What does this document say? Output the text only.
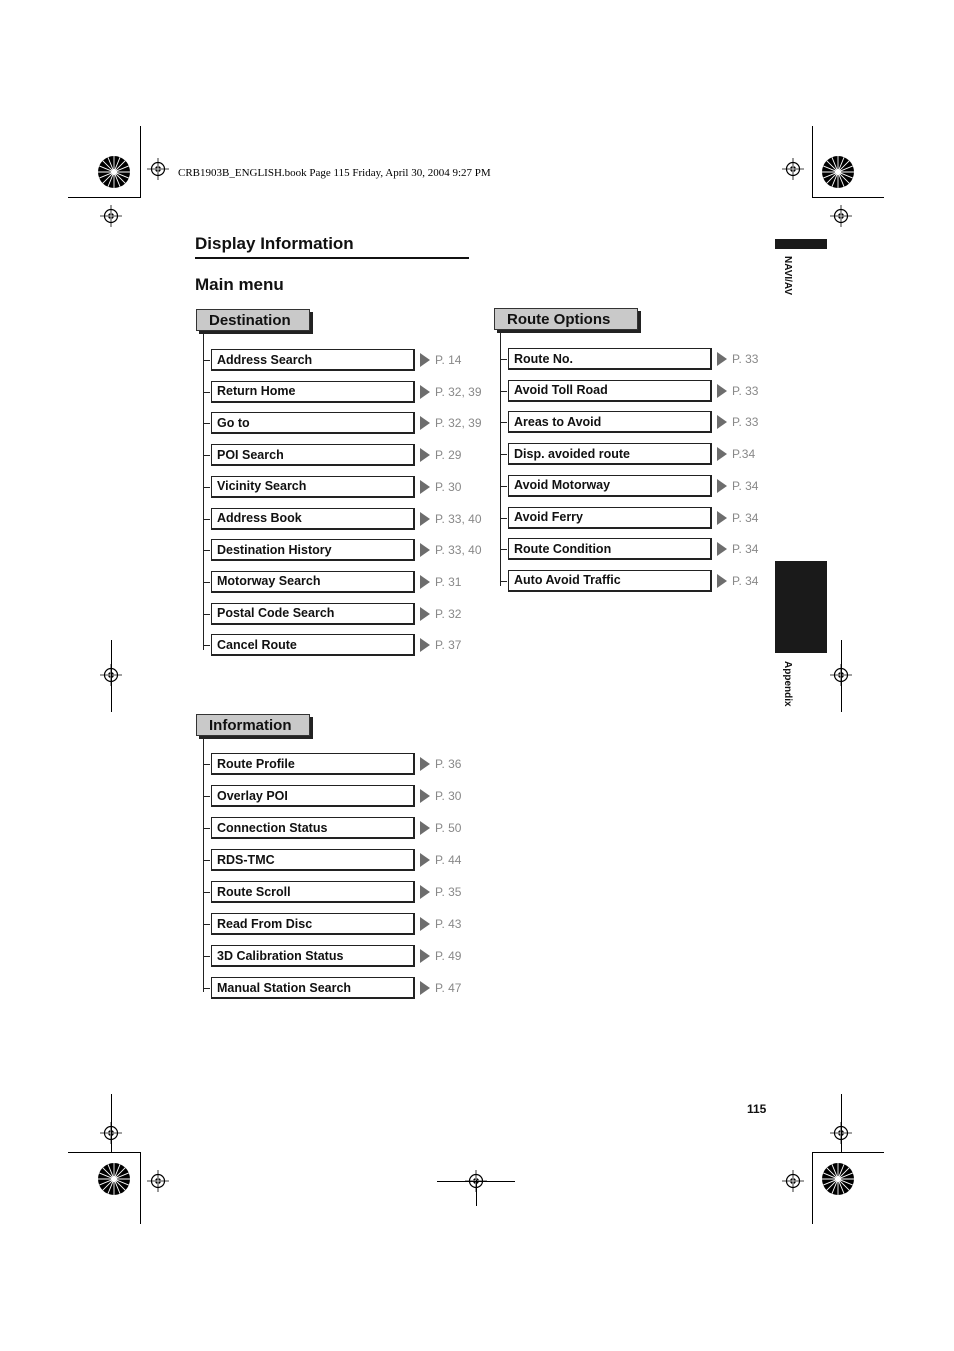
CRB1903B_ENGLISH.book Page 115 Friday, April 30, 2004 9:27 PM
Display Information
Main menu	NAVI/AV
Appendix
Destination
Address Search	P. 14
Return Home	P. 32, 39
Go to	P. 32, 39
POI Search	P. 29
Vicinity Search	P. 30
Address Book	P. 33, 40
Destination History	P. 33, 40
Motorway Search	P. 31
Postal Code Search	P. 32
Cancel Route	P. 37
Route Options
Route No.	P. 33
Avoid Toll Road	P. 33
Areas to Avoid	P. 33
Disp. avoided route	P.34
Avoid Motorway	P. 34
Avoid Ferry	P. 34
Route Condition	P. 34
Auto Avoid Traffic	P. 34
Information
Route Profile	P. 36
Overlay POI	P. 30
Connection Status	P. 50
RDS-TMC	P. 44
Route Scroll	P. 35
Read From Disc	P. 43
3D Calibration Status	P. 49
Manual Station Search	P. 47
115
